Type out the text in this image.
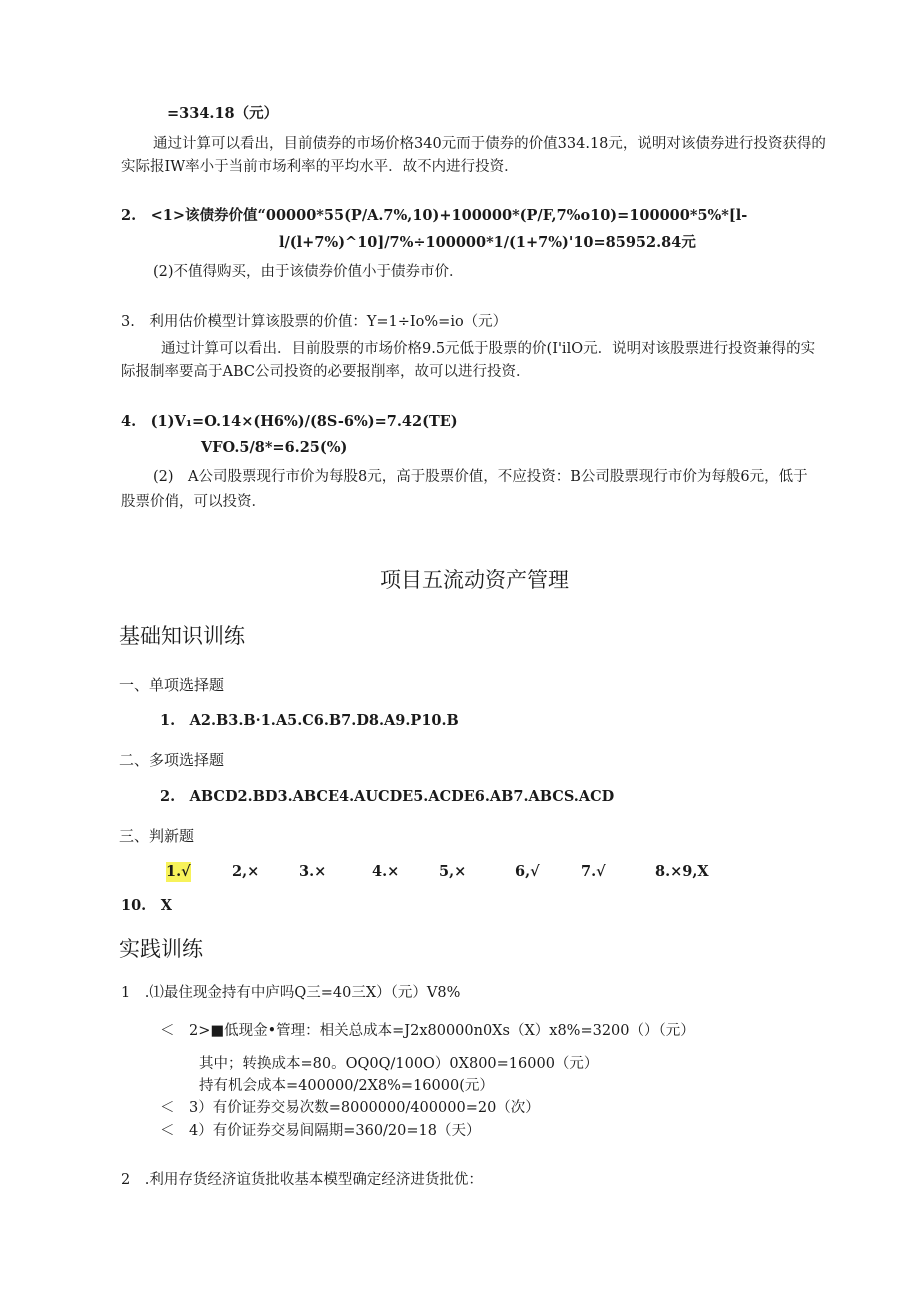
=334.18（元）
通过计算可以看出，目前债券的市场价格340元而于债券的价值334.18元，说明对该债券进行投资获得的
实际报IW率小于当前市场利率的平均水平．故不内进行投资．
2.　<1>该债券价值“00000*55(P/A.7%,10)+100000*(P/F,7%o10)=100000*5%*[l-
l/(l+7%)^10]/7%÷100000*1/(1+7%)'10=85952.84元
(2)不值得购买，由于该债券价值小于债券市价．
3.　利用估价模型计算该股票的价值：Y=1÷Io%=io（元）
通过计算可以看出．目前股票的市场价格9.5元低于股票的价(I'ilO元．说明对该股票进行投资兼得的实
际报制率要高于ABC公司投资的必要报削率，故可以进行投资．
4.　(1)V₁=O.14×(H6%)/(8S-6%)=7.42(TE)
VFO.5/8*=6.25(%)
(2)　A公司股票现行市价为每股8元，高于股票价值，不应投资：B公司股票现行市价为每般6元，低于
股票价俏，可以投资．
项目五流动资产管理
基础知识训练
一、单项选择题
1.　A2.B3.B·1.A5.C6.B7.D8.A9.P10.B
二、多项选择题
2.　ABCD2.BD3.ABCE4.AUCDE5.ACDE6.AB7.ABCS.ACD
三、判新题
1.√	2,×	3.×	4.×	5,×	6,√	7.√	8.×9,X
10.　X
实践训练
1　.⑴最住现金持有中庐吗Q三=40三X）（元）V8%
＜　2>■低现金•管理：相关总成本=J2x80000n0Xs（X）x8%=3200（）（元）
其中；转换成本=80。OQ0Q∕100O）0X800=16000（元）
持有机会成本=400000/2X8%=16000(元）
＜　3）有价证券交易次数=8000000/400000=20（次）
＜　4）有价证券交易间隔期=360/20=18（天）
2　.利用存货经济谊货批收基本模型确定经济进货批优：
